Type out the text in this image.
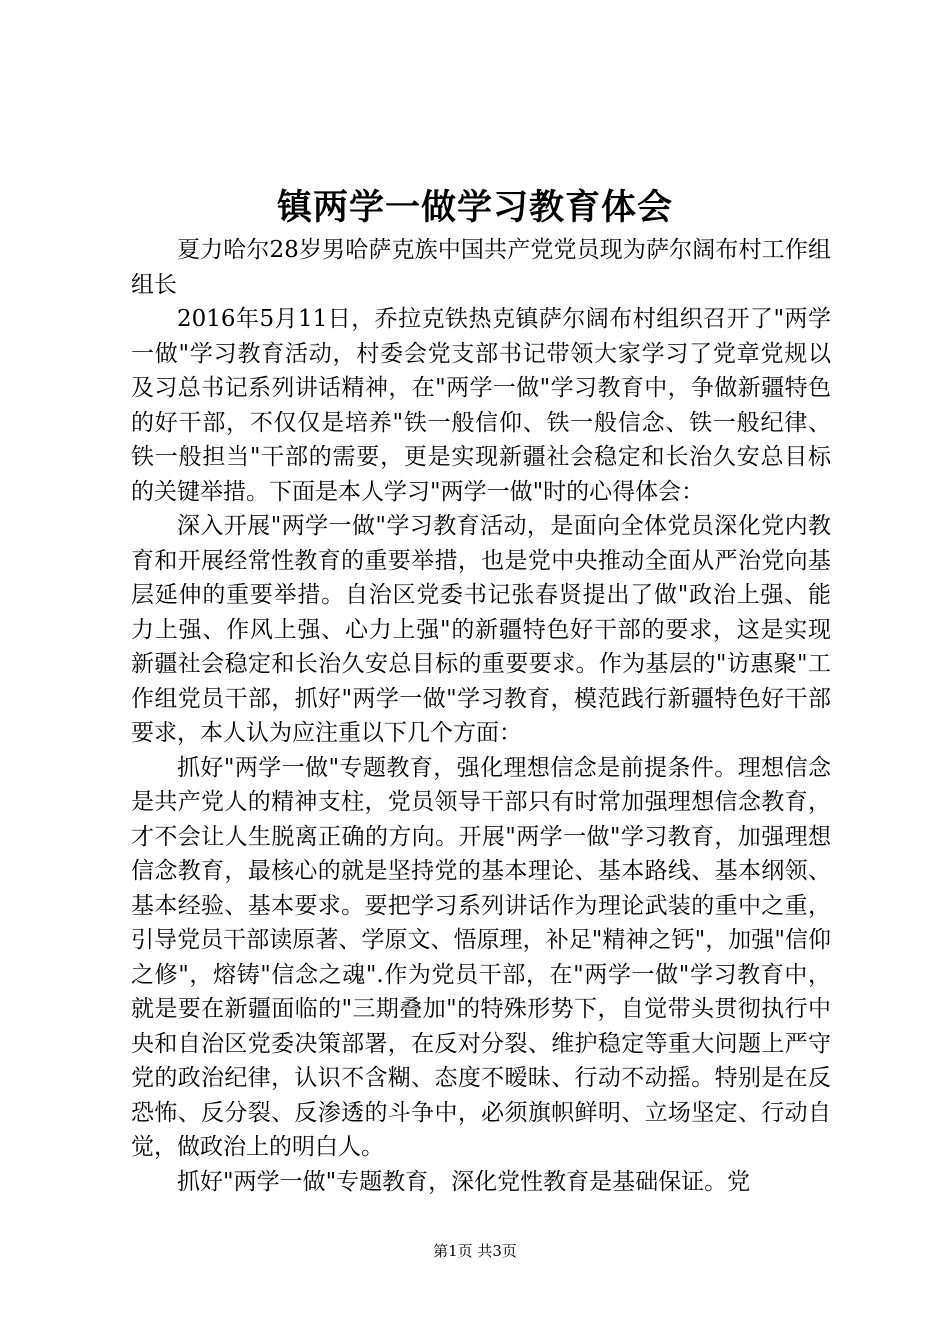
镇两学一做学习教育体会

夏力哈尔28岁男哈萨克族中国共产党党员现为萨尔阔布村工作组组长

2016年5月11日，乔拉克铁热克镇萨尔阔布村组织召开了"两学一做"学习教育活动，村委会党支部书记带领大家学习了党章党规以及习总书记系列讲话精神，在"两学一做"学习教育中，争做新疆特色的好干部，不仅仅是培养"铁一般信仰、铁一般信念、铁一般纪律、铁一般担当"干部的需要，更是实现新疆社会稳定和长治久安总目标的关键举措。下面是本人学习"两学一做"时的心得体会：

深入开展"两学一做"学习教育活动，是面向全体党员深化党内教育和开展经常性教育的重要举措，也是党中央推动全面从严治党向基层延伸的重要举措。自治区党委书记张春贤提出了做"政治上强、能力上强、作风上强、心力上强"的新疆特色好干部的要求，这是实现新疆社会稳定和长治久安总目标的重要要求。作为基层的"访惠聚"工作组党员干部，抓好"两学一做"学习教育，模范践行新疆特色好干部要求，本人认为应注重以下几个方面：

抓好"两学一做"专题教育，强化理想信念是前提条件。理想信念是共产党人的精神支柱，党员领导干部只有时常加强理想信念教育，才不会让人生脱离正确的方向。开展"两学一做"学习教育，加强理想信念教育，最核心的就是坚持党的基本理论、基本路线、基本纲领、基本经验、基本要求。要把学习系列讲话作为理论武装的重中之重，引导党员干部读原著、学原文、悟原理，补足"精神之钙"，加强"信仰之修"，熔铸"信念之魂".作为党员干部，在"两学一做"学习教育中，就是要在新疆面临的"三期叠加"的特殊形势下，自觉带头贯彻执行中央和自治区党委决策部署，在反对分裂、维护稳定等重大问题上严守党的政治纪律，认识不含糊、态度不暧昧、行动不动摇。特别是在反恐怖、反分裂、反渗透的斗争中，必须旗帜鲜明、立场坚定、行动自觉，做政治上的明白人。

抓好"两学一做"专题教育，深化党性教育是基础保证。党

第1页 共3页
